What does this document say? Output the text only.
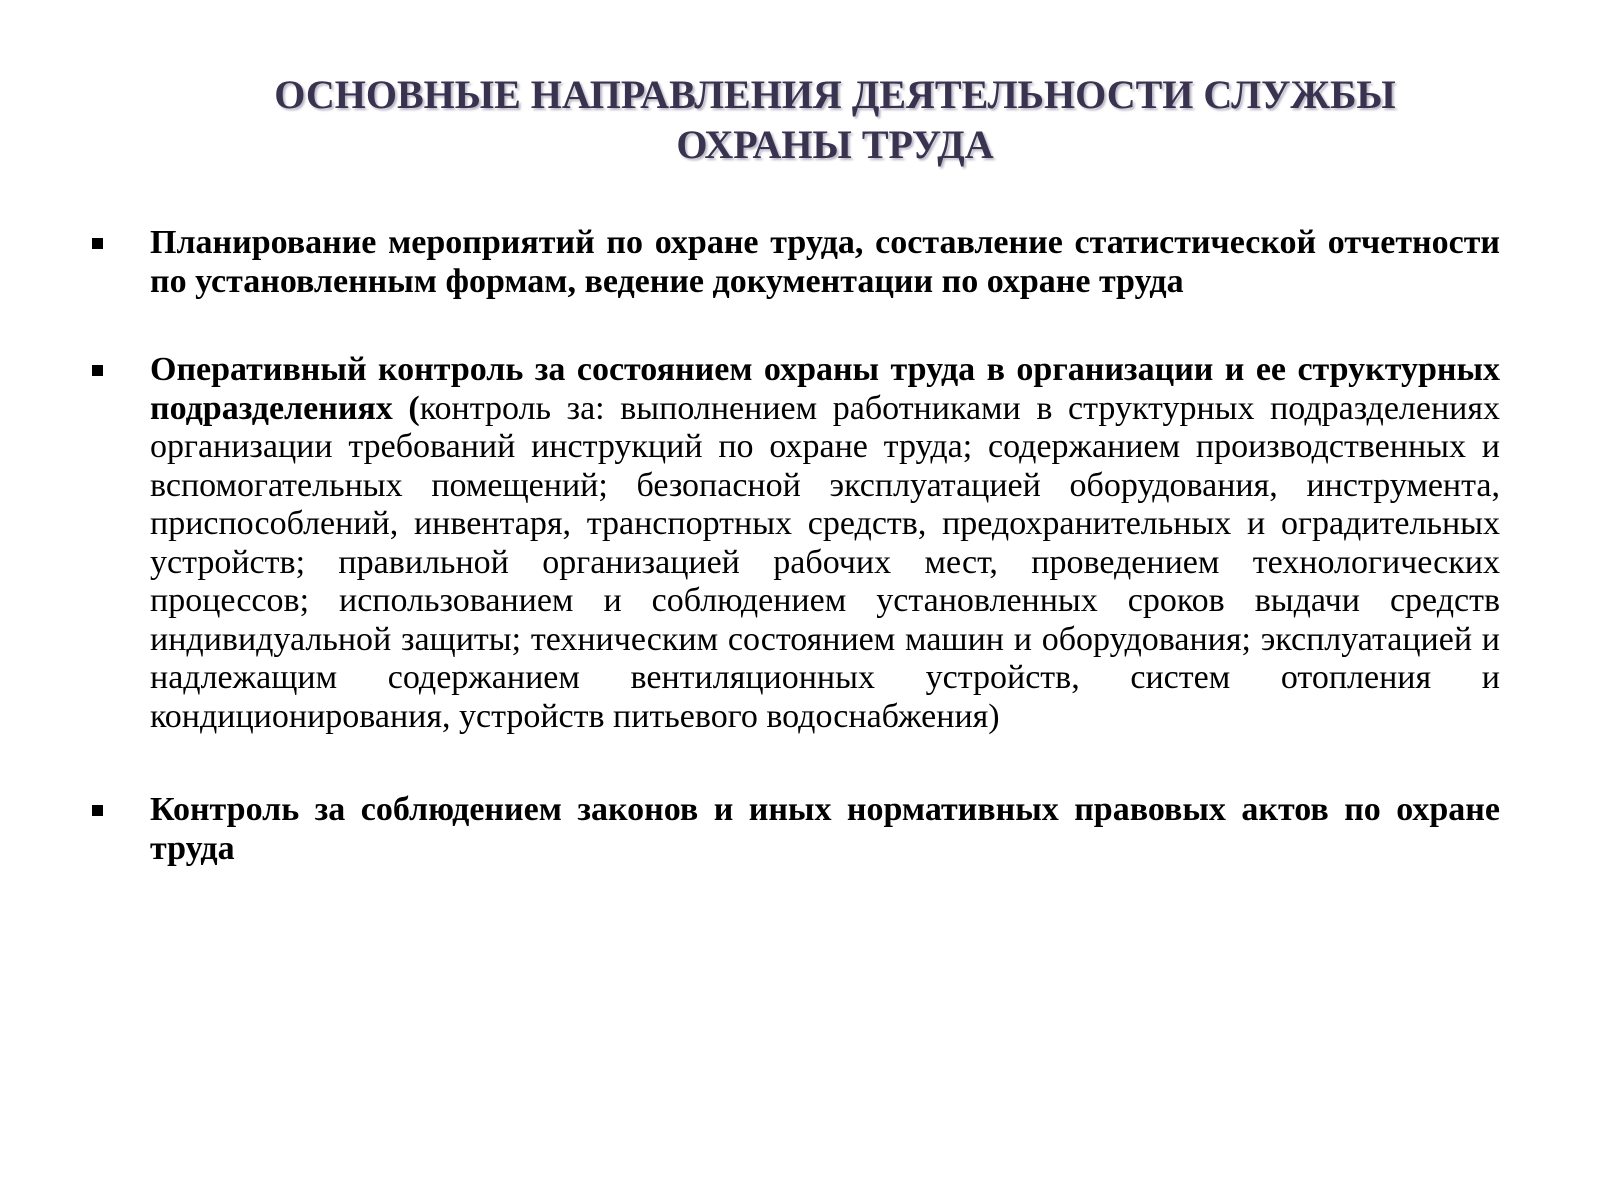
ОСНОВНЫЕ НАПРАВЛЕНИЯ ДЕЯТЕЛЬНОСТИ СЛУЖБЫ
ОХРАНЫ ТРУДА
Планирование мероприятий по охране труда, составление статистической отчетности по установленным формам, ведение документации по охране труда
Оперативный контроль за состоянием охраны труда в организации и ее структурных подразделениях (контроль за: выполнением работниками в структурных подразделениях организации требований инструкций по охране труда; содержанием производственных и вспомогательных помещений; безопасной эксплуатацией оборудования, инструмента, приспособлений, инвентаря, транспортных средств, предохранительных и оградительных устройств; правильной организацией рабочих мест, проведением технологических процессов; использованием и соблюдением установленных сроков выдачи средств индивидуальной защиты; техническим состоянием машин и оборудования; эксплуатацией и надлежащим содержанием вентиляционных устройств, систем отопления и кондиционирования, устройств питьевого водоснабжения)
Контроль за соблюдением законов и иных нормативных правовых актов по охране труда
